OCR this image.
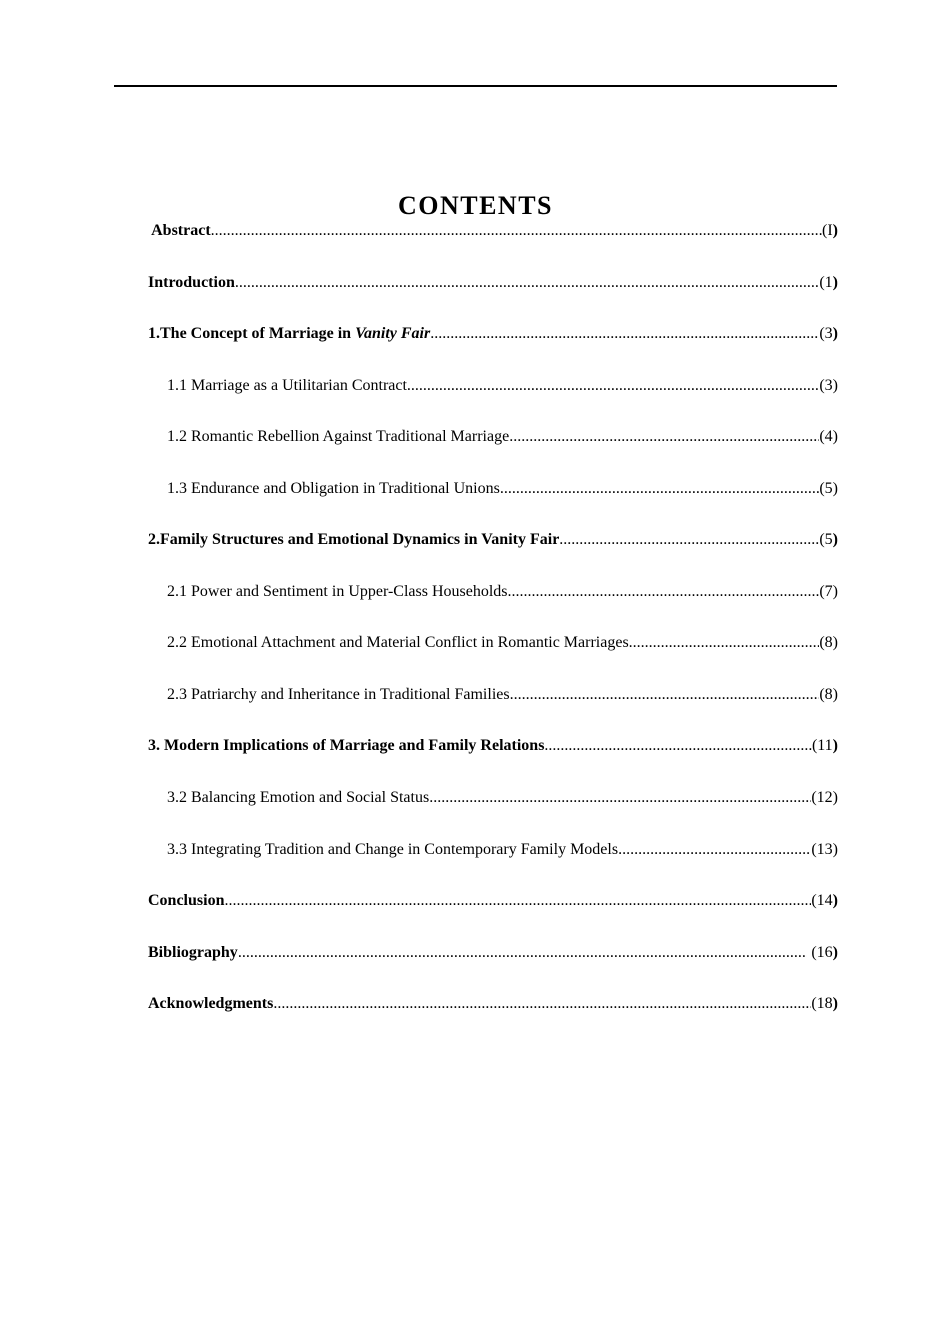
CONTENTS
Abstract .....	(I)
Introduction .....	(1)
1.The Concept of Marriage in Vanity Fair .....	(3)
1.1 Marriage as a Utilitarian Contract .....	(3)
1.2 Romantic Rebellion Against Traditional Marriage .....	(4)
1.3 Endurance and Obligation in Traditional Unions .....	(5)
2.Family Structures and Emotional Dynamics in Vanity Fair .....	(5)
2.1 Power and Sentiment in Upper-Class Households .....	(7)
2.2 Emotional Attachment and Material Conflict in Romantic Marriages .....	(8)
2.3 Patriarchy and Inheritance in Traditional Families .....	(8)
3. Modern Implications of Marriage and Family Relations .....	(11)
3.2 Balancing Emotion and Social Status .....	(12)
3.3 Integrating Tradition and Change in Contemporary Family Models .....	(13)
Conclusion .....	(14)
Bibliography .....	(16)
Acknowledgments .....	(18)
